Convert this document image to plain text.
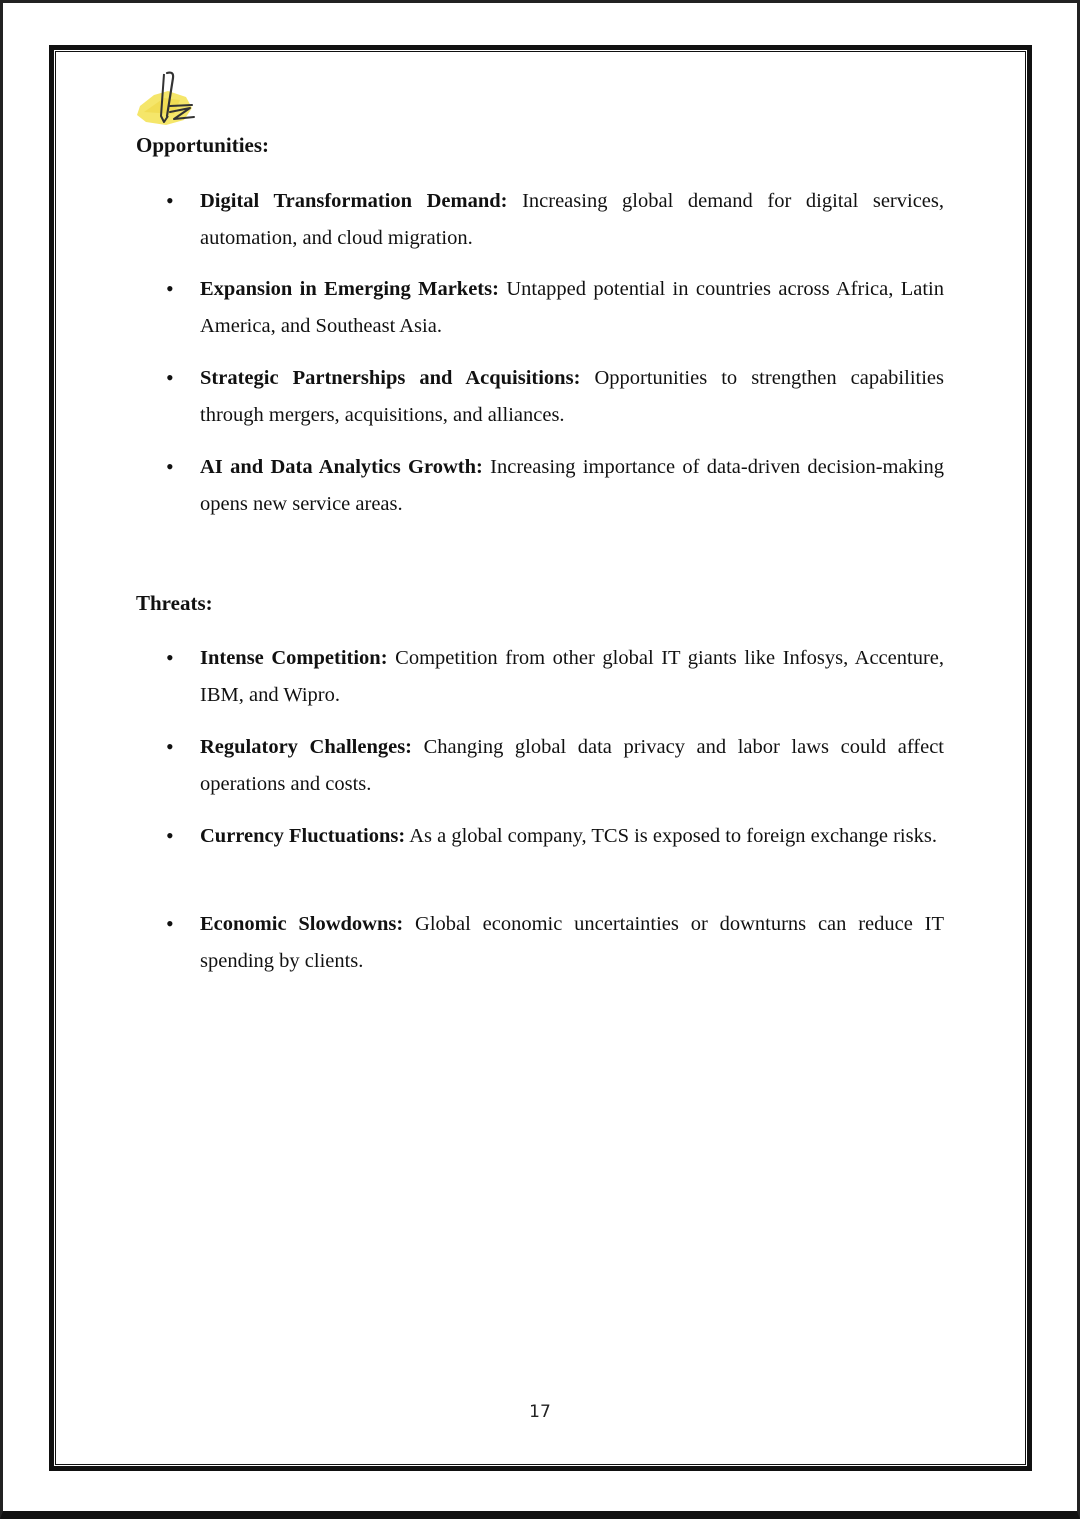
Opportunities:
• Digital Transformation Demand: Increasing global demand for digital services, automation, and cloud migration.

• Expansion in Emerging Markets: Untapped potential in countries across Africa, Latin America, and Southeast Asia.

• Strategic Partnerships and Acquisitions: Opportunities to strengthen capabilities through mergers, acquisitions, and alliances.

• AI and Data Analytics Growth: Increasing importance of data-driven decision-making opens new service areas.

Threats:
• Intense Competition: Competition from other global IT giants like Infosys, Accenture, IBM, and Wipro.

• Regulatory Challenges: Changing global data privacy and labor laws could affect operations and costs.

• Currency Fluctuations: As a global company, TCS is exposed to foreign exchange risks.

• Economic Slowdowns: Global economic uncertainties or downturns can reduce IT spending by clients.

17
